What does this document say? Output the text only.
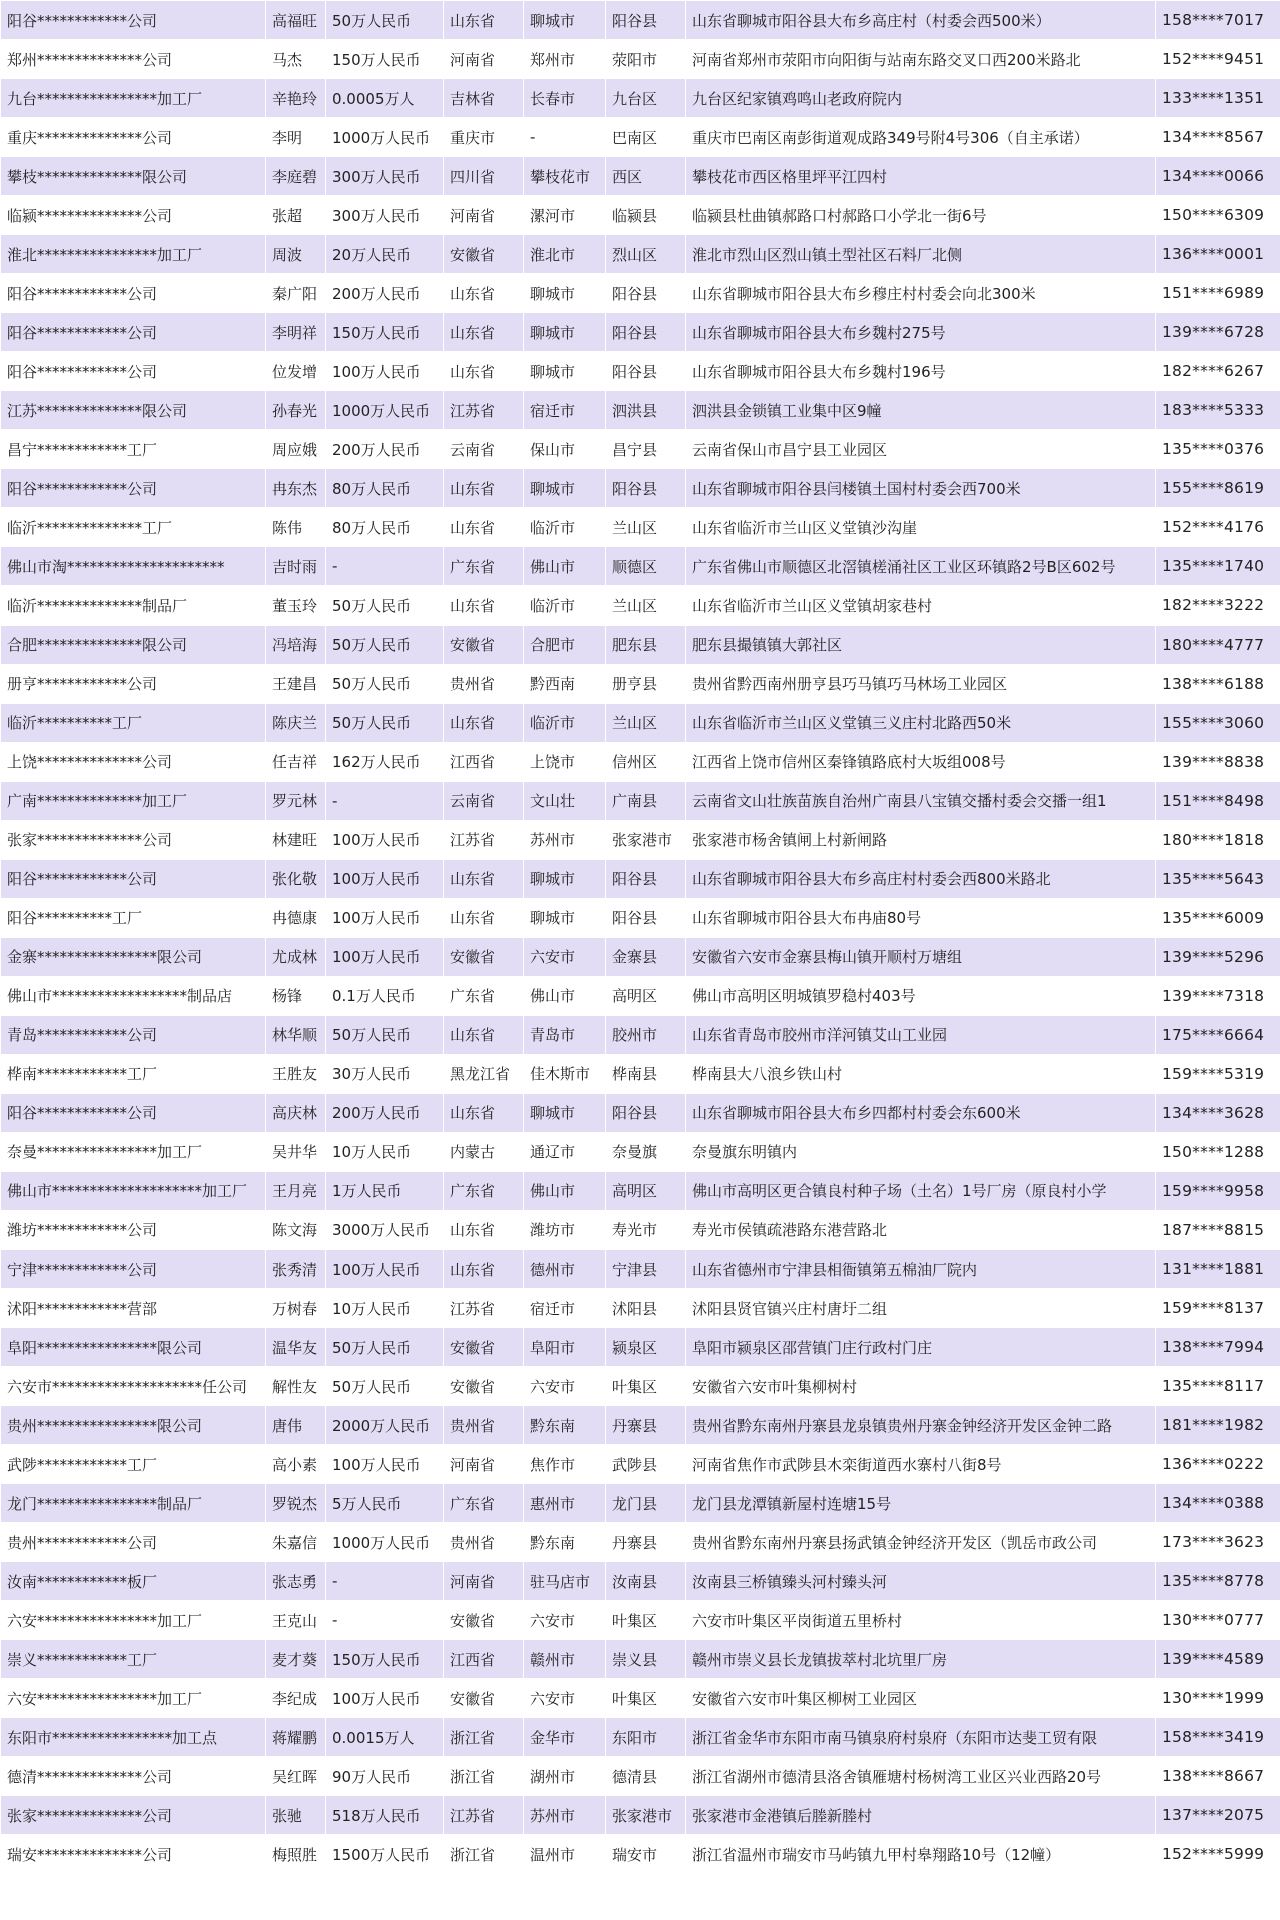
阳谷************公司	高福旺	50万人民币	山东省	聊城市	阳谷县	山东省聊城市阳谷县大布乡高庄村（村委会西500米）	158****7017
郑州**************公司	马杰	150万人民币	河南省	郑州市	荥阳市	河南省郑州市荥阳市向阳街与站南东路交叉口西200米路北	152****9451
九台****************加工厂	辛艳玲	0.0005万人	吉林省	长春市	九台区	九台区纪家镇鸡鸣山老政府院内	133****1351
重庆**************公司	李明	1000万人民币	重庆市	-	巴南区	重庆市巴南区南彭街道观成路349号附4号306（自主承诺）	134****8567
攀枝**************限公司	李庭碧	300万人民币	四川省	攀枝花市	西区	攀枝花市西区格里坪平江四村	134****0066
临颍**************公司	张超	300万人民币	河南省	漯河市	临颍县	临颍县杜曲镇郝路口村郝路口小学北一街6号	150****6309
淮北****************加工厂	周波	20万人民币	安徽省	淮北市	烈山区	淮北市烈山区烈山镇土型社区石料厂北侧	136****0001
阳谷************公司	秦广阳	200万人民币	山东省	聊城市	阳谷县	山东省聊城市阳谷县大布乡穆庄村村委会向北300米	151****6989
阳谷************公司	李明祥	150万人民币	山东省	聊城市	阳谷县	山东省聊城市阳谷县大布乡魏村275号	139****6728
阳谷************公司	位发增	100万人民币	山东省	聊城市	阳谷县	山东省聊城市阳谷县大布乡魏村196号	182****6267
江苏**************限公司	孙春光	1000万人民币	江苏省	宿迁市	泗洪县	泗洪县金锁镇工业集中区9幢	183****5333
昌宁************工厂	周应娥	200万人民币	云南省	保山市	昌宁县	云南省保山市昌宁县工业园区	135****0376
阳谷************公司	冉东杰	80万人民币	山东省	聊城市	阳谷县	山东省聊城市阳谷县闫楼镇土国村村委会西700米	155****8619
临沂**************工厂	陈伟	80万人民币	山东省	临沂市	兰山区	山东省临沂市兰山区义堂镇沙沟崖	152****4176
佛山市淘*********************	吉时雨	-	广东省	佛山市	顺德区	广东省佛山市顺德区北滘镇槎涌社区工业区环镇路2号B区602号	135****1740
临沂**************制品厂	董玉玲	50万人民币	山东省	临沂市	兰山区	山东省临沂市兰山区义堂镇胡家巷村	182****3222
合肥**************限公司	冯培海	50万人民币	安徽省	合肥市	肥东县	肥东县撮镇镇大郭社区	180****4777
册亨************公司	王建昌	50万人民币	贵州省	黔西南	册亨县	贵州省黔西南州册亨县巧马镇巧马林场工业园区	138****6188
临沂**********工厂	陈庆兰	50万人民币	山东省	临沂市	兰山区	山东省临沂市兰山区义堂镇三义庄村北路西50米	155****3060
上饶**************公司	任吉祥	162万人民币	江西省	上饶市	信州区	江西省上饶市信州区秦锋镇路底村大坂组008号	139****8838
广南**************加工厂	罗元林	-	云南省	文山壮	广南县	云南省文山壮族苗族自治州广南县八宝镇交播村委会交播一组1	151****8498
张家**************公司	林建旺	100万人民币	江苏省	苏州市	张家港市	张家港市杨舍镇闸上村新闸路	180****1818
阳谷************公司	张化敬	100万人民币	山东省	聊城市	阳谷县	山东省聊城市阳谷县大布乡高庄村村委会西800米路北	135****5643
阳谷**********工厂	冉德康	100万人民币	山东省	聊城市	阳谷县	山东省聊城市阳谷县大布冉庙80号	135****6009
金寨****************限公司	尤成林	100万人民币	安徽省	六安市	金寨县	安徽省六安市金寨县梅山镇开顺村万塘组	139****5296
佛山市******************制品店	杨锋	0.1万人民币	广东省	佛山市	高明区	佛山市高明区明城镇罗稳村403号	139****7318
青岛************公司	林华顺	50万人民币	山东省	青岛市	胶州市	山东省青岛市胶州市洋河镇艾山工业园	175****6664
桦南************工厂	王胜友	30万人民币	黑龙江省	佳木斯市	桦南县	桦南县大八浪乡铁山村	159****5319
阳谷************公司	高庆林	200万人民币	山东省	聊城市	阳谷县	山东省聊城市阳谷县大布乡四都村村委会东600米	134****3628
奈曼****************加工厂	吴井华	10万人民币	内蒙古	通辽市	奈曼旗	奈曼旗东明镇内	150****1288
佛山市********************加工厂	王月亮	1万人民币	广东省	佛山市	高明区	佛山市高明区更合镇良村种子场（土名）1号厂房（原良村小学	159****9958
潍坊************公司	陈文海	3000万人民币	山东省	潍坊市	寿光市	寿光市侯镇疏港路东港营路北	187****8815
宁津************公司	张秀清	100万人民币	山东省	德州市	宁津县	山东省德州市宁津县相衙镇第五棉油厂院内	131****1881
沭阳************营部	万树春	10万人民币	江苏省	宿迁市	沭阳县	沭阳县贤官镇兴庄村唐圩二组	159****8137
阜阳****************限公司	温华友	50万人民币	安徽省	阜阳市	颍泉区	阜阳市颍泉区邵营镇门庄行政村门庄	138****7994
六安市********************任公司	解性友	50万人民币	安徽省	六安市	叶集区	安徽省六安市叶集柳树村	135****8117
贵州****************限公司	唐伟	2000万人民币	贵州省	黔东南	丹寨县	贵州省黔东南州丹寨县龙泉镇贵州丹寨金钟经济开发区金钟二路	181****1982
武陟************工厂	高小素	100万人民币	河南省	焦作市	武陟县	河南省焦作市武陟县木栾街道西水寨村八街8号	136****0222
龙门****************制品厂	罗锐杰	5万人民币	广东省	惠州市	龙门县	龙门县龙潭镇新屋村连塘15号	134****0388
贵州************公司	朱嘉信	1000万人民币	贵州省	黔东南	丹寨县	贵州省黔东南州丹寨县扬武镇金钟经济开发区（凯岳市政公司	173****3623
汝南************板厂	张志勇	-	河南省	驻马店市	汝南县	汝南县三桥镇臻头河村臻头河	135****8778
六安****************加工厂	王克山	-	安徽省	六安市	叶集区	六安市叶集区平岗街道五里桥村	130****0777
崇义************工厂	麦才葵	150万人民币	江西省	赣州市	崇义县	赣州市崇义县长龙镇拔萃村北坑里厂房	139****4589
六安****************加工厂	李纪成	100万人民币	安徽省	六安市	叶集区	安徽省六安市叶集区柳树工业园区	130****1999
东阳市****************加工点	蒋耀鹏	0.0015万人	浙江省	金华市	东阳市	浙江省金华市东阳市南马镇泉府村泉府（东阳市达斐工贸有限	158****3419
德清**************公司	吴红晖	90万人民币	浙江省	湖州市	德清县	浙江省湖州市德清县洛舍镇雁塘村杨树湾工业区兴业西路20号	138****8667
张家**************公司	张驰	518万人民币	江苏省	苏州市	张家港市	张家港市金港镇后塍新塍村	137****2075
瑞安**************公司	梅照胜	1500万人民币	浙江省	温州市	瑞安市	浙江省温州市瑞安市马屿镇九甲村皋翔路10号（12幢）	152****5999
